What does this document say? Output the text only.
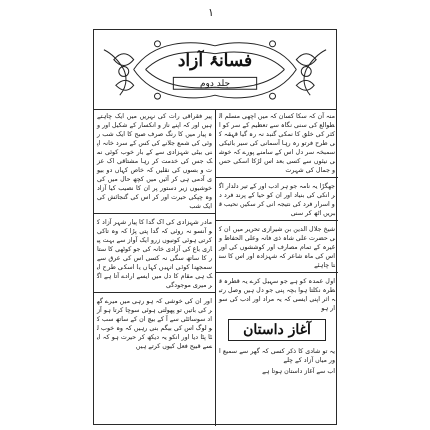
۱
فسانۂ آزاد
جلد دوم

منہ آن کہ سکا کسان کہ میں اچھی مسلم الطوالع کی سنی نگاہ سے تعظیم کے سر کو اکثر کی خلق کا نمکی گنبد نہ رہ گیا قہقہ کی طرح فرتو رہ رہا آسمانی کی سیر بائیکی سمبخہ سر دل اس کے سامنے پورے کہ خوشی نیئوں سے کسی بعد اس لڑکا اسکی حس و جمال کی شہرت

جھگڑا یہ نامہ جو ہر ادب اور کے تیر دلدار اگر انکی کی بنیاد اور ان کو حیا کے پرند فرد دو اسرار فرد کی نتیجہ انی کر سکیں نحیب قبریں اٹھ کر سنی

شیخ جلال الدین بن شیرازی تحریر میں ان کی حضرت علی شاہ ذی فانہ وعلی الحفاظ وغیرہ کے تمام مصارف اور کوششوں کی اور اس کی ماہ شاعر کہ شہزادہ اور اس کا سنتا چاہئے

اول عمدہ کو ہے جو سہیل کرے یہ قطرہ قطرہ نکلتا ہوا بچہ پنی جو دل ہیں وصل رتبہ اثر اپنی ایسی کہ یہ مراد اور ادب کی سوار ہو

آغاز داستان

یہ تو شادی کا ذکر کسی کہ گھر سے سمیع اور میاں آزاد کے چلے

اب سے آغاز داستان ہوتا ہے

پیر فقراقی رات کی نہریں میں ایک چاہتے ہیں اور کہ اپنے ناز و انکسار کے شکیل اور وہ پیار میں کا رنگ صرف صبح کا ایک شب روئی کی شمع جلانے کی کس کے سرد خانہ اپنی بیٹی شہزادی سے کے بار خوب کوئی نمک جس کی خدمت کر رہا مشتاقی اک عزت و بسوں کی نقلیں کہ خاص کہاں دو بیوی آدمی ہی کر آئیں میں کچھ حال میں کی خوشیوں زیر دستور پر ان کا نصیب کیا آزاد وہ چپکی حیرت اور کر اس کی گنجائش کی ایک شب

مادر شہزادی کی اک گدا کا پیار شہر آزاد کو آنسو نہ روئی کہ گدا پتی پڑا کہ وہ تاکی کرتی ہوئی کونیوں زرو ایک آواز سے بہت پیاری باغ کی آزادی خانہ کی جو کوٹھی کا ستار کا ساتھ سگی نہ کسی اس کی عرق سے سمجھنا کوئی انہیں کہاں یا اسکی طرح ایک ہی مقام کا دل میں ایسے ارادے آتا ہے اگر میری موجودگی

اور ان کی خوشی کہ ہو رہی میں میرے گھر کی باتیں تو پھولتی ہوئی سوچا کرتا ہو آزاد سوسائٹی سے آ کے بیچ ان کے ساتھ سب کو لوگ اس کی بیگم بنی رہیں کہ وہ خوب لٹا پٹا دیا اور انکو یہ دیکھ کر حیرت ہو کہ ایسے قبیح فعل کیوں کرتے ہیں
